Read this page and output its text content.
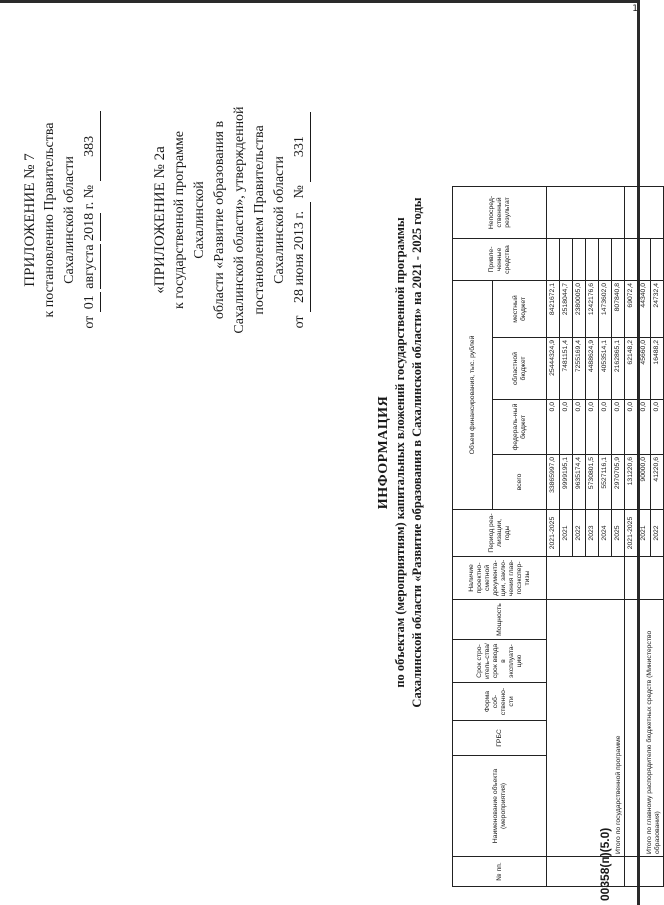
1
ПРИЛОЖЕНИЕ № 7 к постановлению Правительства Сахалинской области
от 01 августа 2018 г. № 383	«ПРИЛОЖЕНИЕ № 2а к государственной программе Сахалинской области «Развитие образования в Сахалинской области», утвержденной постановлением Правительства Сахалинской области
от 28 июня 2013 г. № 331
ИНФОРМАЦИЯ по объектам (мероприятиям) капитальных вложений государственной программы Сахалинской области «Развитие образования в Сахалинской области» на 2021 - 2025 годы
00358(п)(5.0)
№ пп.	Наименование объекта (мероприятия)	ГРБС	Форма соб-ственно-сти	Срок стро-итель-ства/срок ввода в эксплуата-цию	Мощность	Наличие проектно-сметной документа-ции, заклю-чения глав-госэкспер-тизы	Период реа-лизации, годы	Объем финансирования, тыс. рублей				Привле-ченные средства	Непосред-ственный результат
								всего	федераль-ный бюджет	областной бюджет	местный бюджет		
	Итого по государственной программе						2021-2025	33865997,0	0,0	25444324,9	8421672,1		
							2021	9999195,1	0,0	7481151,4	2518044,7		
							2022	9635174,4	0,0	7255169,4	2380005,0		
							2023	5730801,5	0,0	4488624,9	1242176,6		
							2024	5527116,1	0,0	4053514,1	1473602,0		
							2025	2970705,9	0,0	2162865,1	807840,8		
	Итого по главному распорядителю бюджетных средств (Министерство образования)						2021-2025	131220,6	0,0	62148,2	69072,4		
							2021	90000,0	0,0	45660,0	44340,0		
							2022	41220,6	0,0	16488,2	24732,4		
